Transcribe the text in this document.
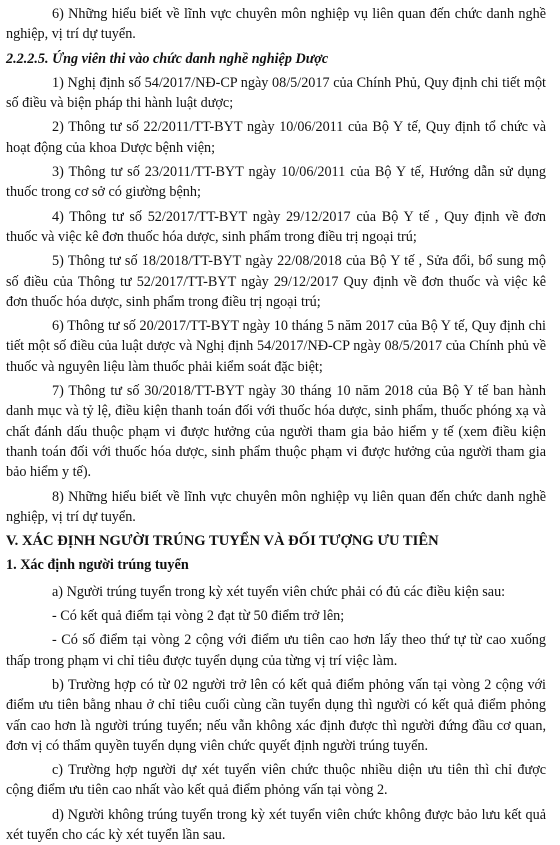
6) Những hiểu biết về lĩnh vực chuyên môn nghiệp vụ liên quan đến chức danh nghề nghiệp, vị trí dự tuyển.

2.2.2.5. Ứng viên thi vào chức danh nghề nghiệp Dược

1) Nghị định số 54/2017/NĐ-CP ngày 08/5/2017 của Chính Phủ, Quy định chi tiết một số điều và biện pháp thi hành luật dược;

2) Thông tư số 22/2011/TT-BYT ngày 10/06/2011 của Bộ Y tế, Quy định tổ chức và hoạt động của khoa Dược bệnh viện;

3) Thông tư số 23/2011/TT-BYT ngày 10/06/2011 của Bộ Y tế, Hướng dẫn sử dụng thuốc trong cơ sở có giường bệnh;

4) Thông tư số 52/2017/TT-BYT ngày 29/12/2017 của Bộ Y tế , Quy định về đơn thuốc và việc kê đơn thuốc hóa dược, sinh phẩm trong điều trị ngoại trú;

5) Thông tư số 18/2018/TT-BYT ngày 22/08/2018 của Bộ Y tế , Sửa đổi, bổ sung mộ số điều của Thông tư 52/2017/TT-BYT ngày 29/12/2017 Quy định về đơn thuốc và việc kê đơn thuốc hóa dược, sinh phẩm trong điều trị ngoại trú;

6) Thông tư số 20/2017/TT-BYT ngày 10 tháng 5 năm 2017 của Bộ Y tế, Quy định chi tiết một số điều của luật dược và Nghị định 54/2017/NĐ-CP ngày 08/5/2017 của Chính phủ về thuốc và nguyên liệu làm thuốc phải kiểm soát đặc biệt;

7) Thông tư số 30/2018/TT-BYT ngày 30 tháng 10 năm 2018 của Bộ Y tế ban hành danh mục và tỷ lệ, điều kiện thanh toán đối với thuốc hóa dược, sinh phẩm, thuốc phóng xạ và chất đánh dấu thuộc phạm vi được hưởng của người tham gia bảo hiểm y tế (xem điều kiện thanh toán đối với thuốc hóa dược, sinh phẩm thuộc phạm vi được hưởng của người tham gia bảo hiểm y tế).

8) Những hiểu biết về lĩnh vực chuyên môn nghiệp vụ liên quan đến chức danh nghề nghiệp, vị trí dự tuyển.

V. XÁC ĐỊNH NGƯỜI TRÚNG TUYỂN VÀ ĐỐI TƯỢNG ƯU TIÊN

1. Xác định người trúng tuyển

a) Người trúng tuyển trong kỳ xét tuyển viên chức phải có đủ các điều kiện sau:

- Có kết quả điểm tại vòng 2 đạt từ 50 điểm trở lên;

- Có số điểm tại vòng 2 cộng với điểm ưu tiên cao hơn lấy theo thứ tự từ cao xuống thấp trong phạm vi chỉ tiêu được tuyển dụng của từng vị trí việc làm.

b) Trường hợp có từ 02 người trở lên có kết quả điểm phỏng vấn tại vòng 2 cộng với điểm ưu tiên bằng nhau ở chỉ tiêu cuối cùng cần tuyển dụng thì người có kết quả điểm phỏng vấn cao hơn là người trúng tuyển; nếu vẫn không xác định được thì người đứng đầu cơ quan, đơn vị có thẩm quyền tuyển dụng viên chức quyết định người trúng tuyển.

c) Trường hợp người dự xét tuyển viên chức thuộc nhiều diện ưu tiên thì chỉ được cộng điểm ưu tiên cao nhất vào kết quả điểm phỏng vấn tại vòng 2.

d) Người không trúng tuyển trong kỳ xét tuyển viên chức không được bảo lưu kết quả xét tuyển cho các kỳ xét tuyển lần sau.
